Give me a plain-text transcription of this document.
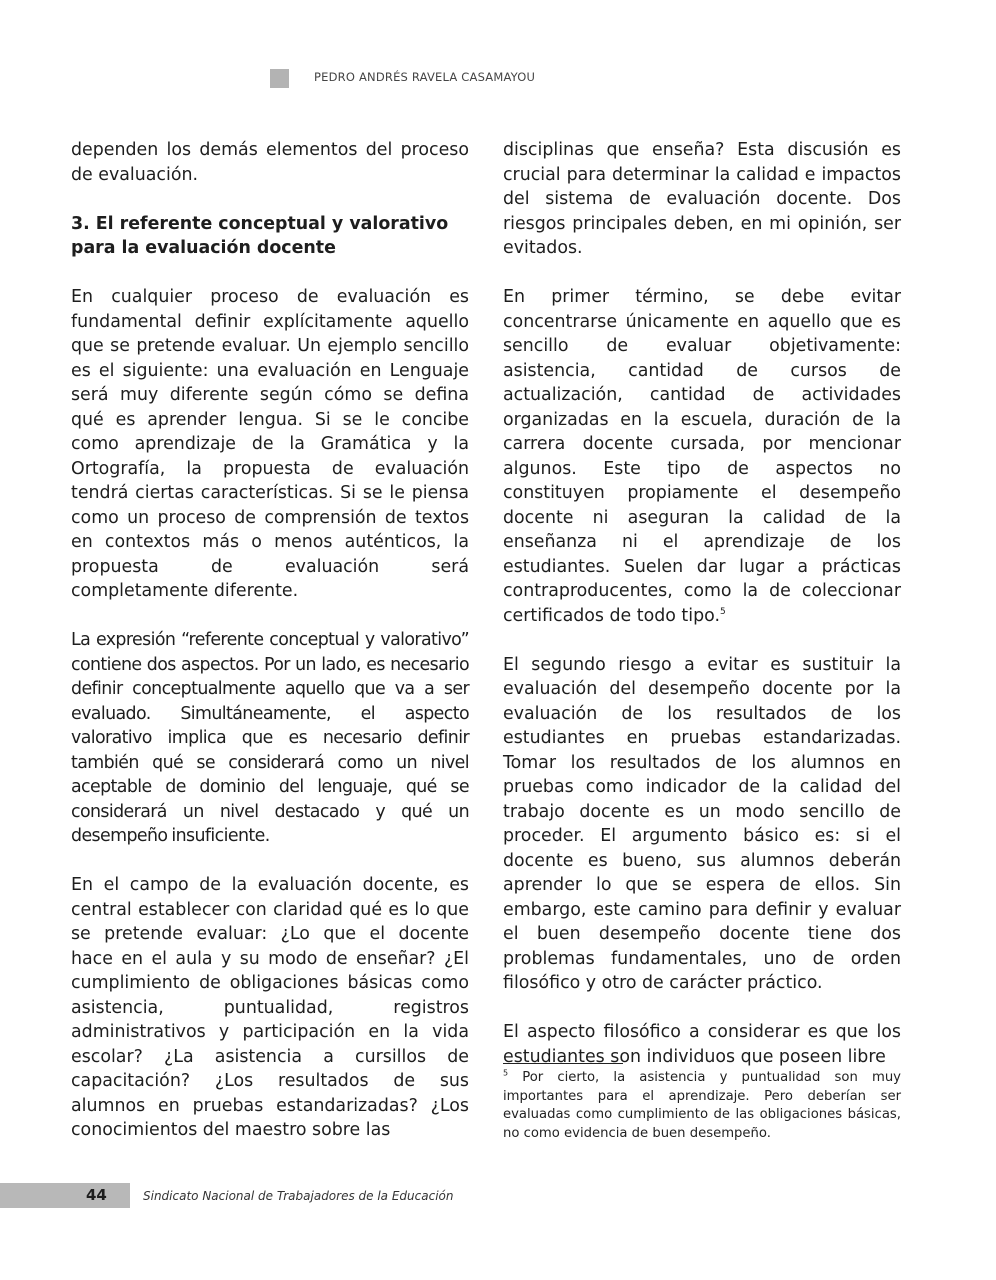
PEDRO ANDRÉS RAVELA CASAMAYOU

dependen los demás elementos del proceso de evaluación.

3. El referente conceptual y valorativo para la evaluación docente

En cualquier proceso de evaluación es fundamental definir explícitamente aquello que se pretende evaluar. Un ejemplo sencillo es el siguiente: una evaluación en Lenguaje será muy diferente según cómo se defina qué es aprender lengua. Si se le concibe como aprendizaje de la Gramática y la Ortografía, la propuesta de evaluación tendrá ciertas características. Si se le piensa como un proceso de comprensión de textos en contextos más o menos auténticos, la propuesta de evaluación será completamente diferente.

La expresión “referente conceptual y valorativo” contiene dos aspectos. Por un lado, es necesario definir conceptualmente aquello que va a ser evaluado. Simultáneamente, el aspecto valorativo implica que es necesario definir también qué se considerará como un nivel aceptable de dominio del lenguaje, qué se considerará un nivel destacado y qué un desempeño insuficiente.

En el campo de la evaluación docente, es central establecer con claridad qué es lo que se pretende evaluar: ¿Lo que el docente hace en el aula y su modo de enseñar? ¿El cumplimiento de obligaciones básicas como asistencia, puntualidad, registros administrativos y participación en la vida escolar? ¿La asistencia a cursillos de capacitación? ¿Los resultados de sus alumnos en pruebas estandarizadas? ¿Los conocimientos del maestro sobre las

disciplinas que enseña? Esta discusión es crucial para determinar la calidad e impactos del sistema de evaluación docente. Dos riesgos principales deben, en mi opinión, ser evitados.

En primer término, se debe evitar concentrarse únicamente en aquello que es sencillo de evaluar objetivamente: asistencia, cantidad de cursos de actualización, cantidad de actividades organizadas en la escuela, duración de la carrera docente cursada, por mencionar algunos. Este tipo de aspectos no constituyen propiamente el desempeño docente ni aseguran la calidad de la enseñanza ni el aprendizaje de los estudiantes. Suelen dar lugar a prácticas contraproducentes, como la de coleccionar certificados de todo tipo.$^5$

El segundo riesgo a evitar es sustituir la evaluación del desempeño docente por la evaluación de los resultados de los estudiantes en pruebas estandarizadas. Tomar los resultados de los alumnos en pruebas como indicador de la calidad del trabajo docente es un modo sencillo de proceder. El argumento básico es: si el docente es bueno, sus alumnos deberán aprender lo que se espera de ellos. Sin embargo, este camino para definir y evaluar el buen desempeño docente tiene dos problemas fundamentales, uno de orden filosófico y otro de carácter práctico.

El aspecto filosófico a considerar es que los estudiantes son individuos que poseen libre

$^5$ Por cierto, la asistencia y puntualidad son muy importantes para el aprendizaje. Pero deberían ser evaluadas como cumplimiento de las obligaciones básicas, no como evidencia de buen desempeño.
44	Sindicato Nacional de Trabajadores de la Educación
